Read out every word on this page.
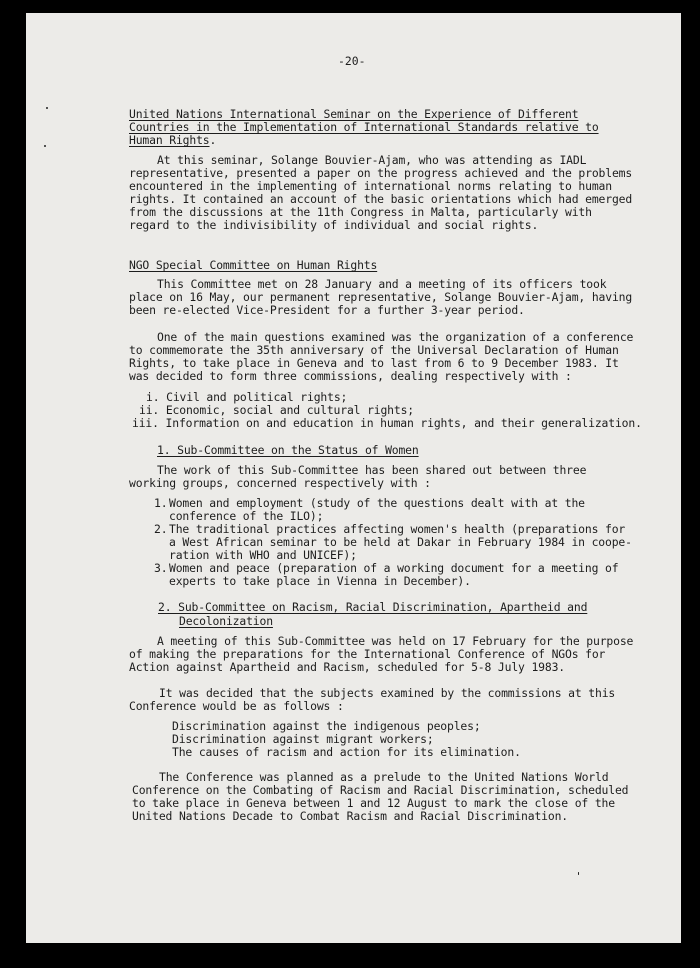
-20-
United Nations International Seminar on the Experience of Different
Countries in the Implementation of International Standards relative to
Human Rights.
At this seminar, Solange Bouvier-Ajam, who was attending as IADL
representative, presented a paper on the progress achieved and the problems
encountered in the implementing of international norms relating to human
rights. It contained an account of the basic orientations which had emerged
from the discussions at the 11th Congress in Malta, particularly with
regard to the indivisibility of individual and social rights.
NGO Special Committee on Human Rights
This Committee met on 28 January and a meeting of its officers took
place on 16 May, our permanent representative, Solange Bouvier-Ajam, having
been re-elected Vice-President for a further 3-year period.
One of the main questions examined was the organization of a conference
to commemorate the 35th anniversary of the Universal Declaration of Human
Rights, to take place in Geneva and to last from 6 to 9 December 1983. It
was decided to form three commissions, dealing respectively with :
i. Civil and political rights;
ii. Economic, social and cultural rights;
iii. Information on and education in human rights, and their generalization.
1. Sub-Committee on the Status of Women
The work of this Sub-Committee has been shared out between three
working groups, concerned respectively with :
1. Women and employment (study of the questions dealt with at the
conference of the ILO);
2. The traditional practices affecting women's health (preparations for
a West African seminar to be held at Dakar in February 1984 in coope-
ration with WHO and UNICEF);
3. Women and peace (preparation of a working document for a meeting of
experts to take place in Vienna in December).
2. Sub-Committee on Racism, Racial Discrimination, Apartheid and
Decolonization
A meeting of this Sub-Committee was held on 17 February for the purpose
of making the preparations for the International Conference of NGOs for
Action against Apartheid and Racism, scheduled for 5-8 July 1983.
It was decided that the subjects examined by the commissions at this
Conference would be as follows :
Discrimination against the indigenous peoples;
Discrimination against migrant workers;
The causes of racism and action for its elimination.
The Conference was planned as a prelude to the United Nations World
Conference on the Combating of Racism and Racial Discrimination, scheduled
to take place in Geneva between 1 and 12 August to mark the close of the
United Nations Decade to Combat Racism and Racial Discrimination.
